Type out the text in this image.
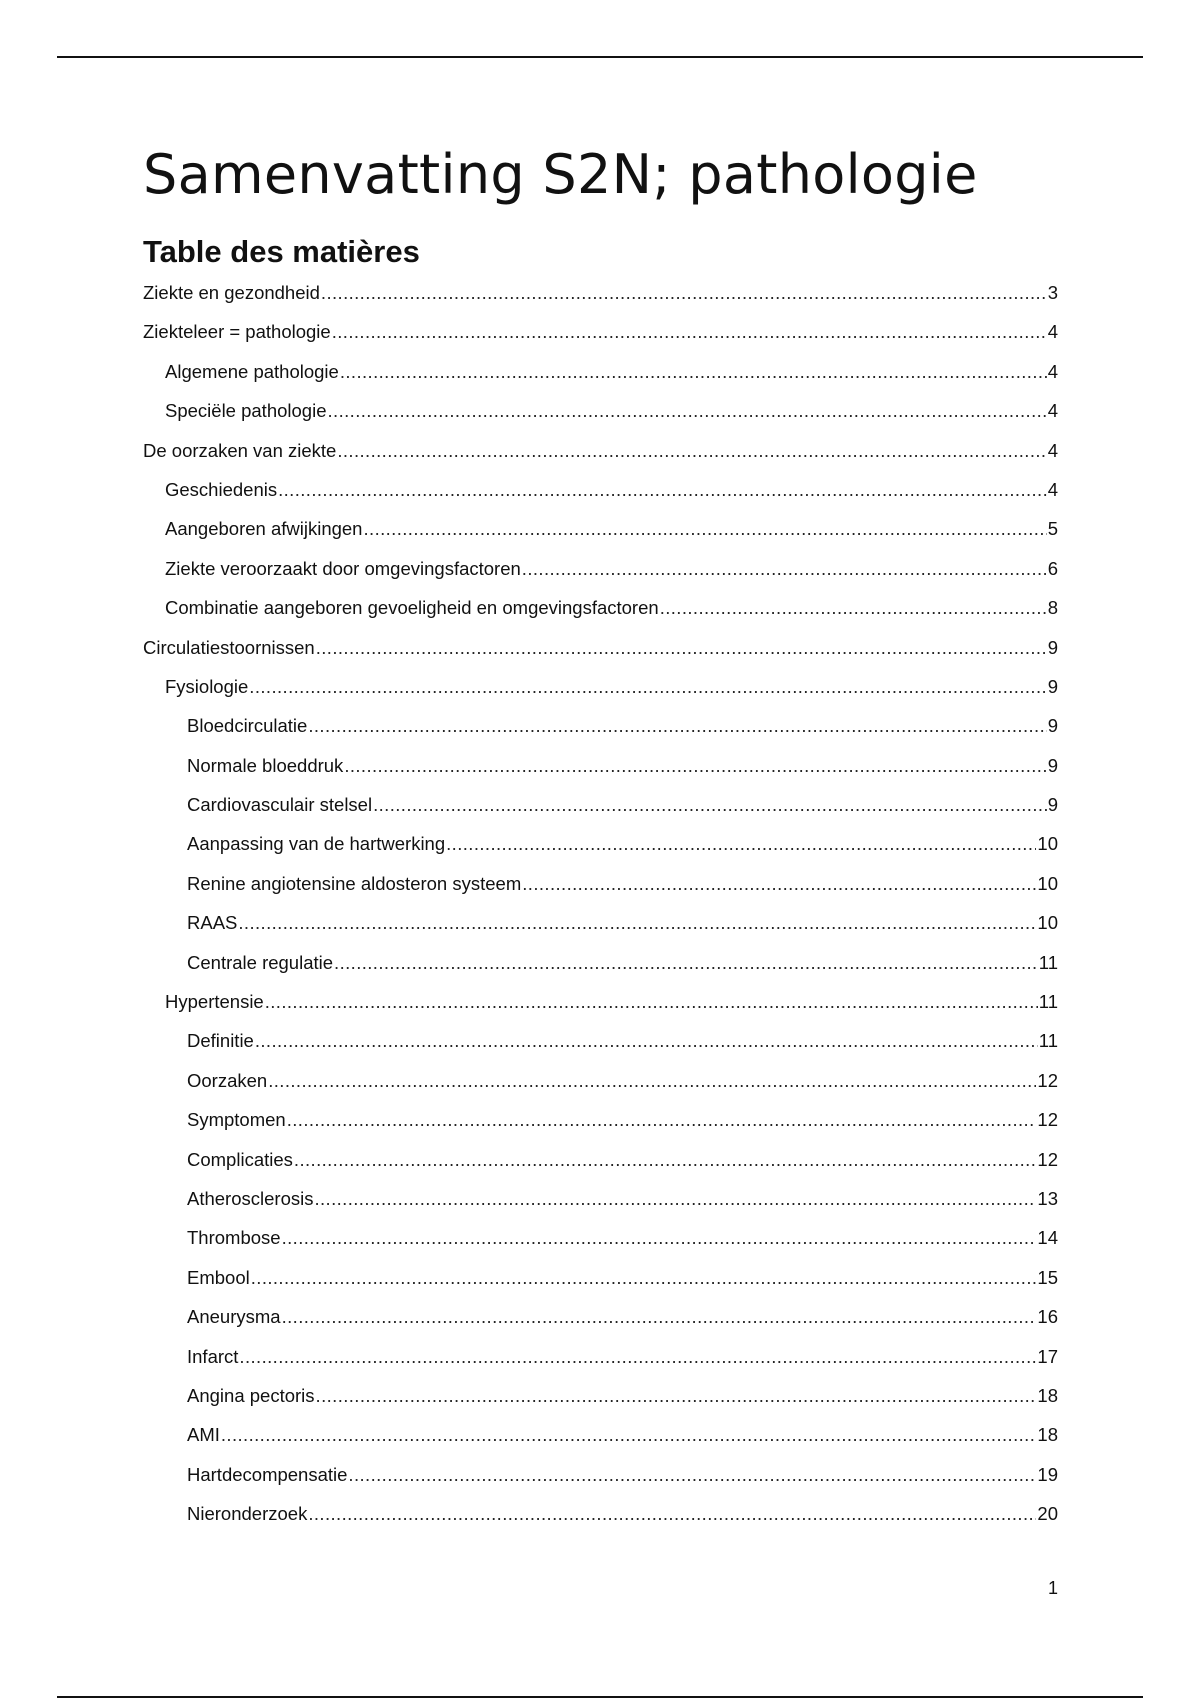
Samenvatting S2N; pathologie
Table des matières
Ziekte en gezondheid .....	3
Ziekteleer = pathologie .....	4
Algemene pathologie .....	4
Speciële pathologie .....	4
De oorzaken van ziekte .....	4
Geschiedenis .....	4
Aangeboren afwijkingen .....	5
Ziekte veroorzaakt door omgevingsfactoren .....	6
Combinatie aangeboren gevoeligheid en omgevingsfactoren .....	8
Circulatiestoornissen .....	9
Fysiologie .....	9
Bloedcirculatie .....	9
Normale bloeddruk .....	9
Cardiovasculair stelsel .....	9
Aanpassing van de hartwerking .....	10
Renine angiotensine aldosteron systeem .....	10
RAAS .....	10
Centrale regulatie .....	11
Hypertensie .....	11
Definitie .....	11
Oorzaken .....	12
Symptomen .....	12
Complicaties .....	12
Atherosclerosis .....	13
Thrombose .....	14
Embool .....	15
Aneurysma .....	16
Infarct .....	17
Angina pectoris .....	18
AMI .....	18
Hartdecompensatie .....	19
Nieronderzoek .....	20
1
